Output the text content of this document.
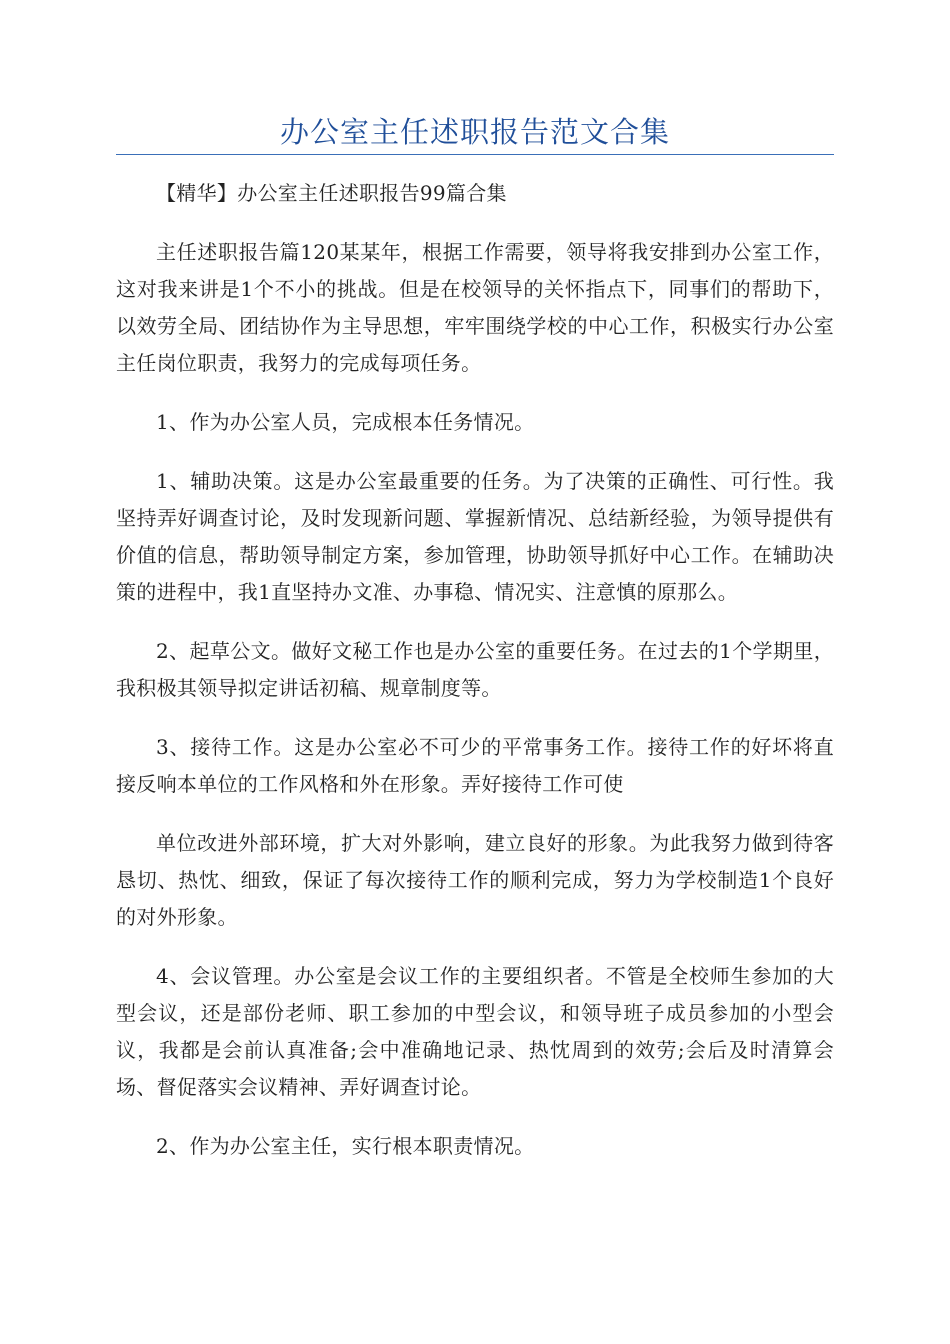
办公室主任述职报告范文合集

【精华】办公室主任述职报告99篇合集

主任述职报告篇120某某年，根据工作需要，领导将我安排到办公室工作，这对我来讲是1个不小的挑战。但是在校领导的关怀指点下，同事们的帮助下，以效劳全局、团结协作为主导思想，牢牢围绕学校的中心工作，积极实行办公室主任岗位职责，我努力的完成每项任务。

1、作为办公室人员，完成根本任务情况。

1、辅助决策。这是办公室最重要的任务。为了决策的正确性、可行性。我坚持弄好调查讨论，及时发现新问题、掌握新情况、总结新经验，为领导提供有价值的信息，帮助领导制定方案，参加管理，协助领导抓好中心工作。在辅助决策的进程中，我1直坚持办文准、办事稳、情况实、注意慎的原那么。

2、起草公文。做好文秘工作也是办公室的重要任务。在过去的1个学期里，我积极其领导拟定讲话初稿、规章制度等。

3、接待工作。这是办公室必不可少的平常事务工作。接待工作的好坏将直接反响本单位的工作风格和外在形象。弄好接待工作可使

单位改进外部环境，扩大对外影响，建立良好的形象。为此我努力做到待客恳切、热忱、细致，保证了每次接待工作的顺利完成，努力为学校制造1个良好的对外形象。

4、会议管理。办公室是会议工作的主要组织者。不管是全校师生参加的大型会议，还是部份老师、职工参加的中型会议，和领导班子成员参加的小型会议，我都是会前认真准备;会中准确地记录、热忱周到的效劳;会后及时清算会场、督促落实会议精神、弄好调查讨论。

2、作为办公室主任，实行根本职责情况。
